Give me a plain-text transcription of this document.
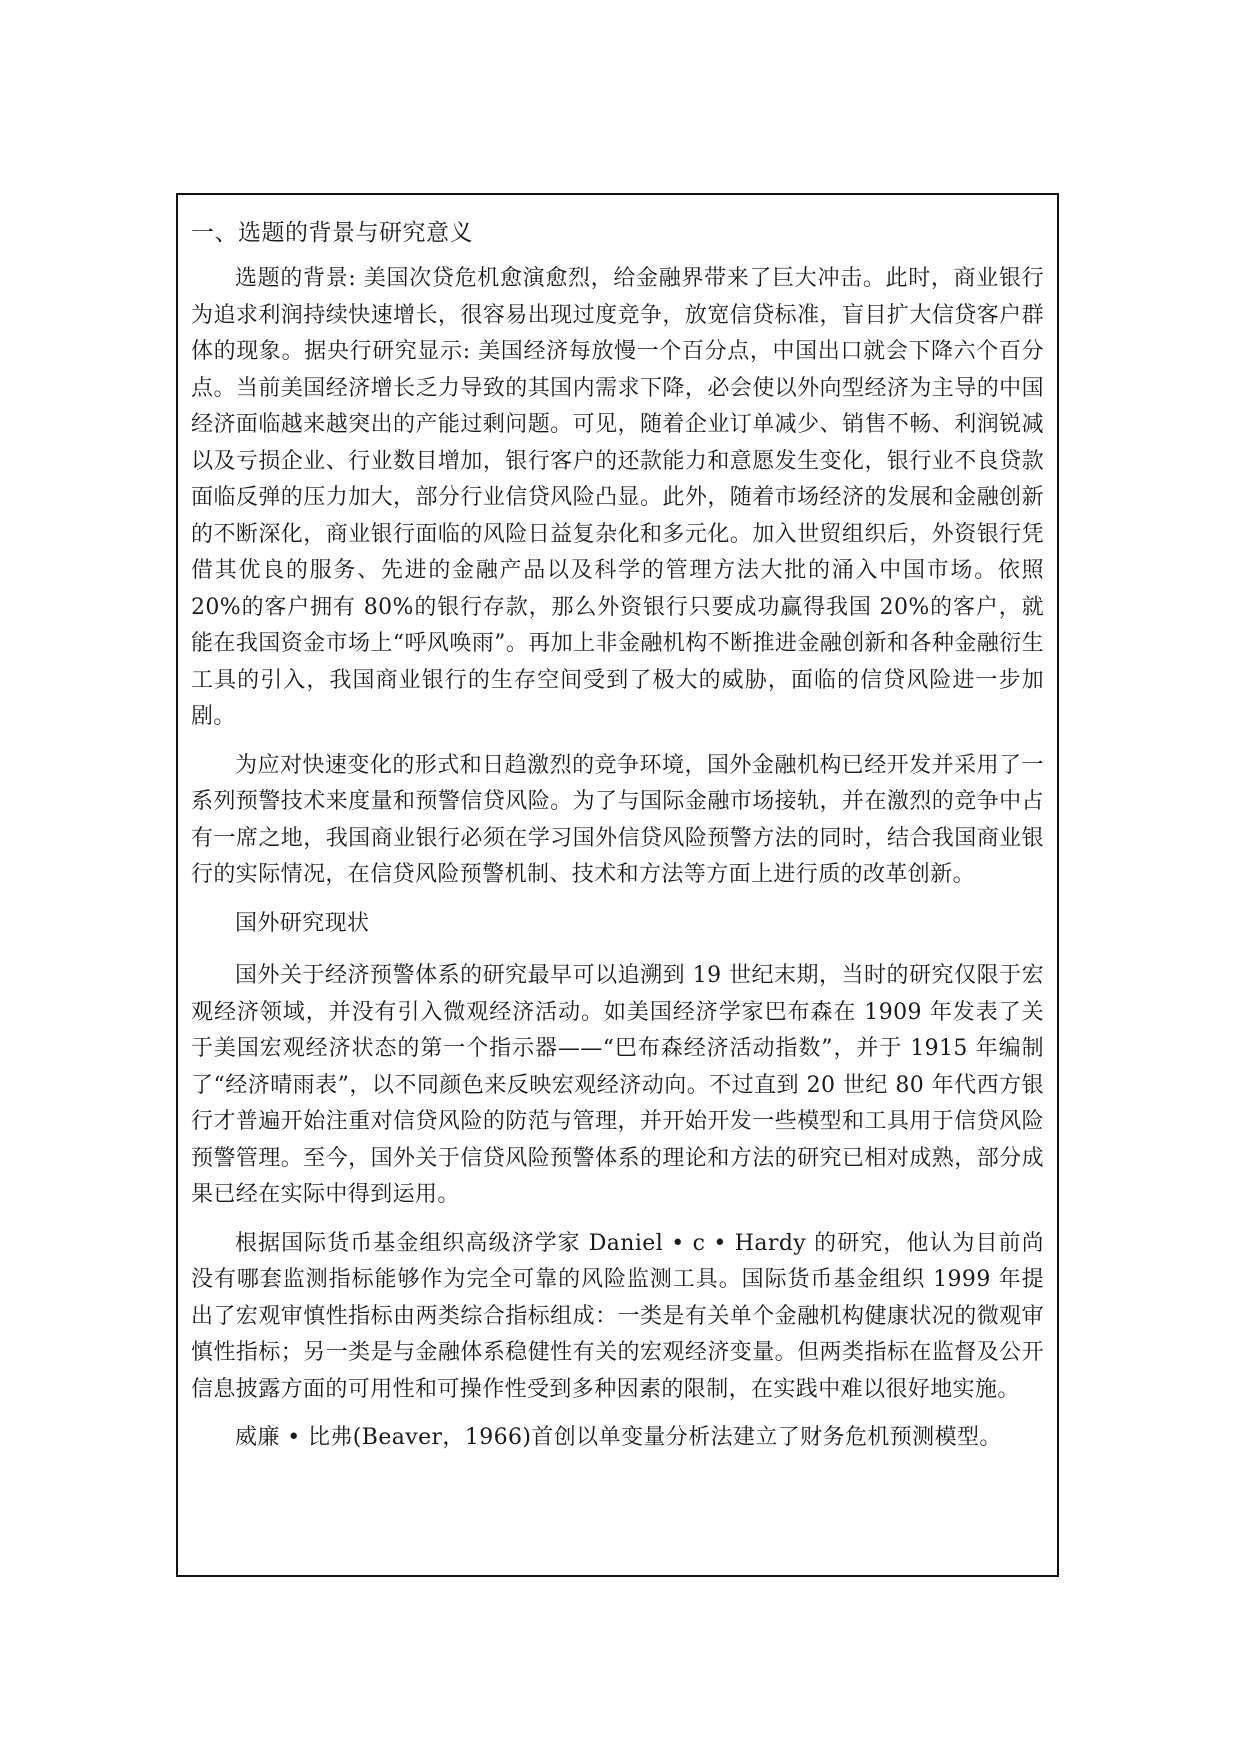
一、选题的背景与研究意义

选题的背景: 美国次贷危机愈演愈烈，给金融界带来了巨大冲击。此时，商业银行为追求利润持续快速增长，很容易出现过度竞争，放宽信贷标准，盲目扩大信贷客户群体的现象。据央行研究显示: 美国经济每放慢一个百分点，中国出口就会下降六个百分点。当前美国经济增长乏力导致的其国内需求下降，必会使以外向型经济为主导的中国经济面临越来越突出的产能过剩问题。可见，随着企业订单减少、销售不畅、利润锐减以及亏损企业、行业数目增加，银行客户的还款能力和意愿发生变化，银行业不良贷款面临反弹的压力加大，部分行业信贷风险凸显。此外，随着市场经济的发展和金融创新的不断深化，商业银行面临的风险日益复杂化和多元化。加入世贸组织后，外资银行凭借其优良的服务、先进的金融产品以及科学的管理方法大批的涌入中国市场。依照 20%的客户拥有 80%的银行存款，那么外资银行只要成功赢得我国 20%的客户，就能在我国资金市场上“呼风唤雨”。再加上非金融机构不断推进金融创新和各种金融衍生工具的引入，我国商业银行的生存空间受到了极大的威胁，面临的信贷风险进一步加剧。

为应对快速变化的形式和日趋激烈的竞争环境，国外金融机构已经开发并采用了一系列预警技术来度量和预警信贷风险。为了与国际金融市场接轨，并在激烈的竞争中占有一席之地，我国商业银行必须在学习国外信贷风险预警方法的同时，结合我国商业银行的实际情况，在信贷风险预警机制、技术和方法等方面上进行质的改革创新。

国外研究现状

国外关于经济预警体系的研究最早可以追溯到 19 世纪末期，当时的研究仅限于宏观经济领域，并没有引入微观经济活动。如美国经济学家巴布森在 1909 年发表了关于美国宏观经济状态的第一个指示器——“巴布森经济活动指数”，并于 1915 年编制了“经济晴雨表”，以不同颜色来反映宏观经济动向。不过直到 20 世纪 80 年代西方银行才普遍开始注重对信贷风险的防范与管理，并开始开发一些模型和工具用于信贷风险预警管理。至今，国外关于信贷风险预警体系的理论和方法的研究已相对成熟，部分成果已经在实际中得到运用。

根据国际货币基金组织高级济学家 Daniel • c • Hardy 的研究，他认为目前尚没有哪套监测指标能够作为完全可靠的风险监测工具。国际货币基金组织 1999 年提出了宏观审慎性指标由两类综合指标组成：一类是有关单个金融机构健康状况的微观审慎性指标；另一类是与金融体系稳健性有关的宏观经济变量。但两类指标在监督及公开信息披露方面的可用性和可操作性受到多种因素的限制，在实践中难以很好地实施。

威廉 • 比弗(Beaver，1966)首创以单变量分析法建立了财务危机预测模型。
